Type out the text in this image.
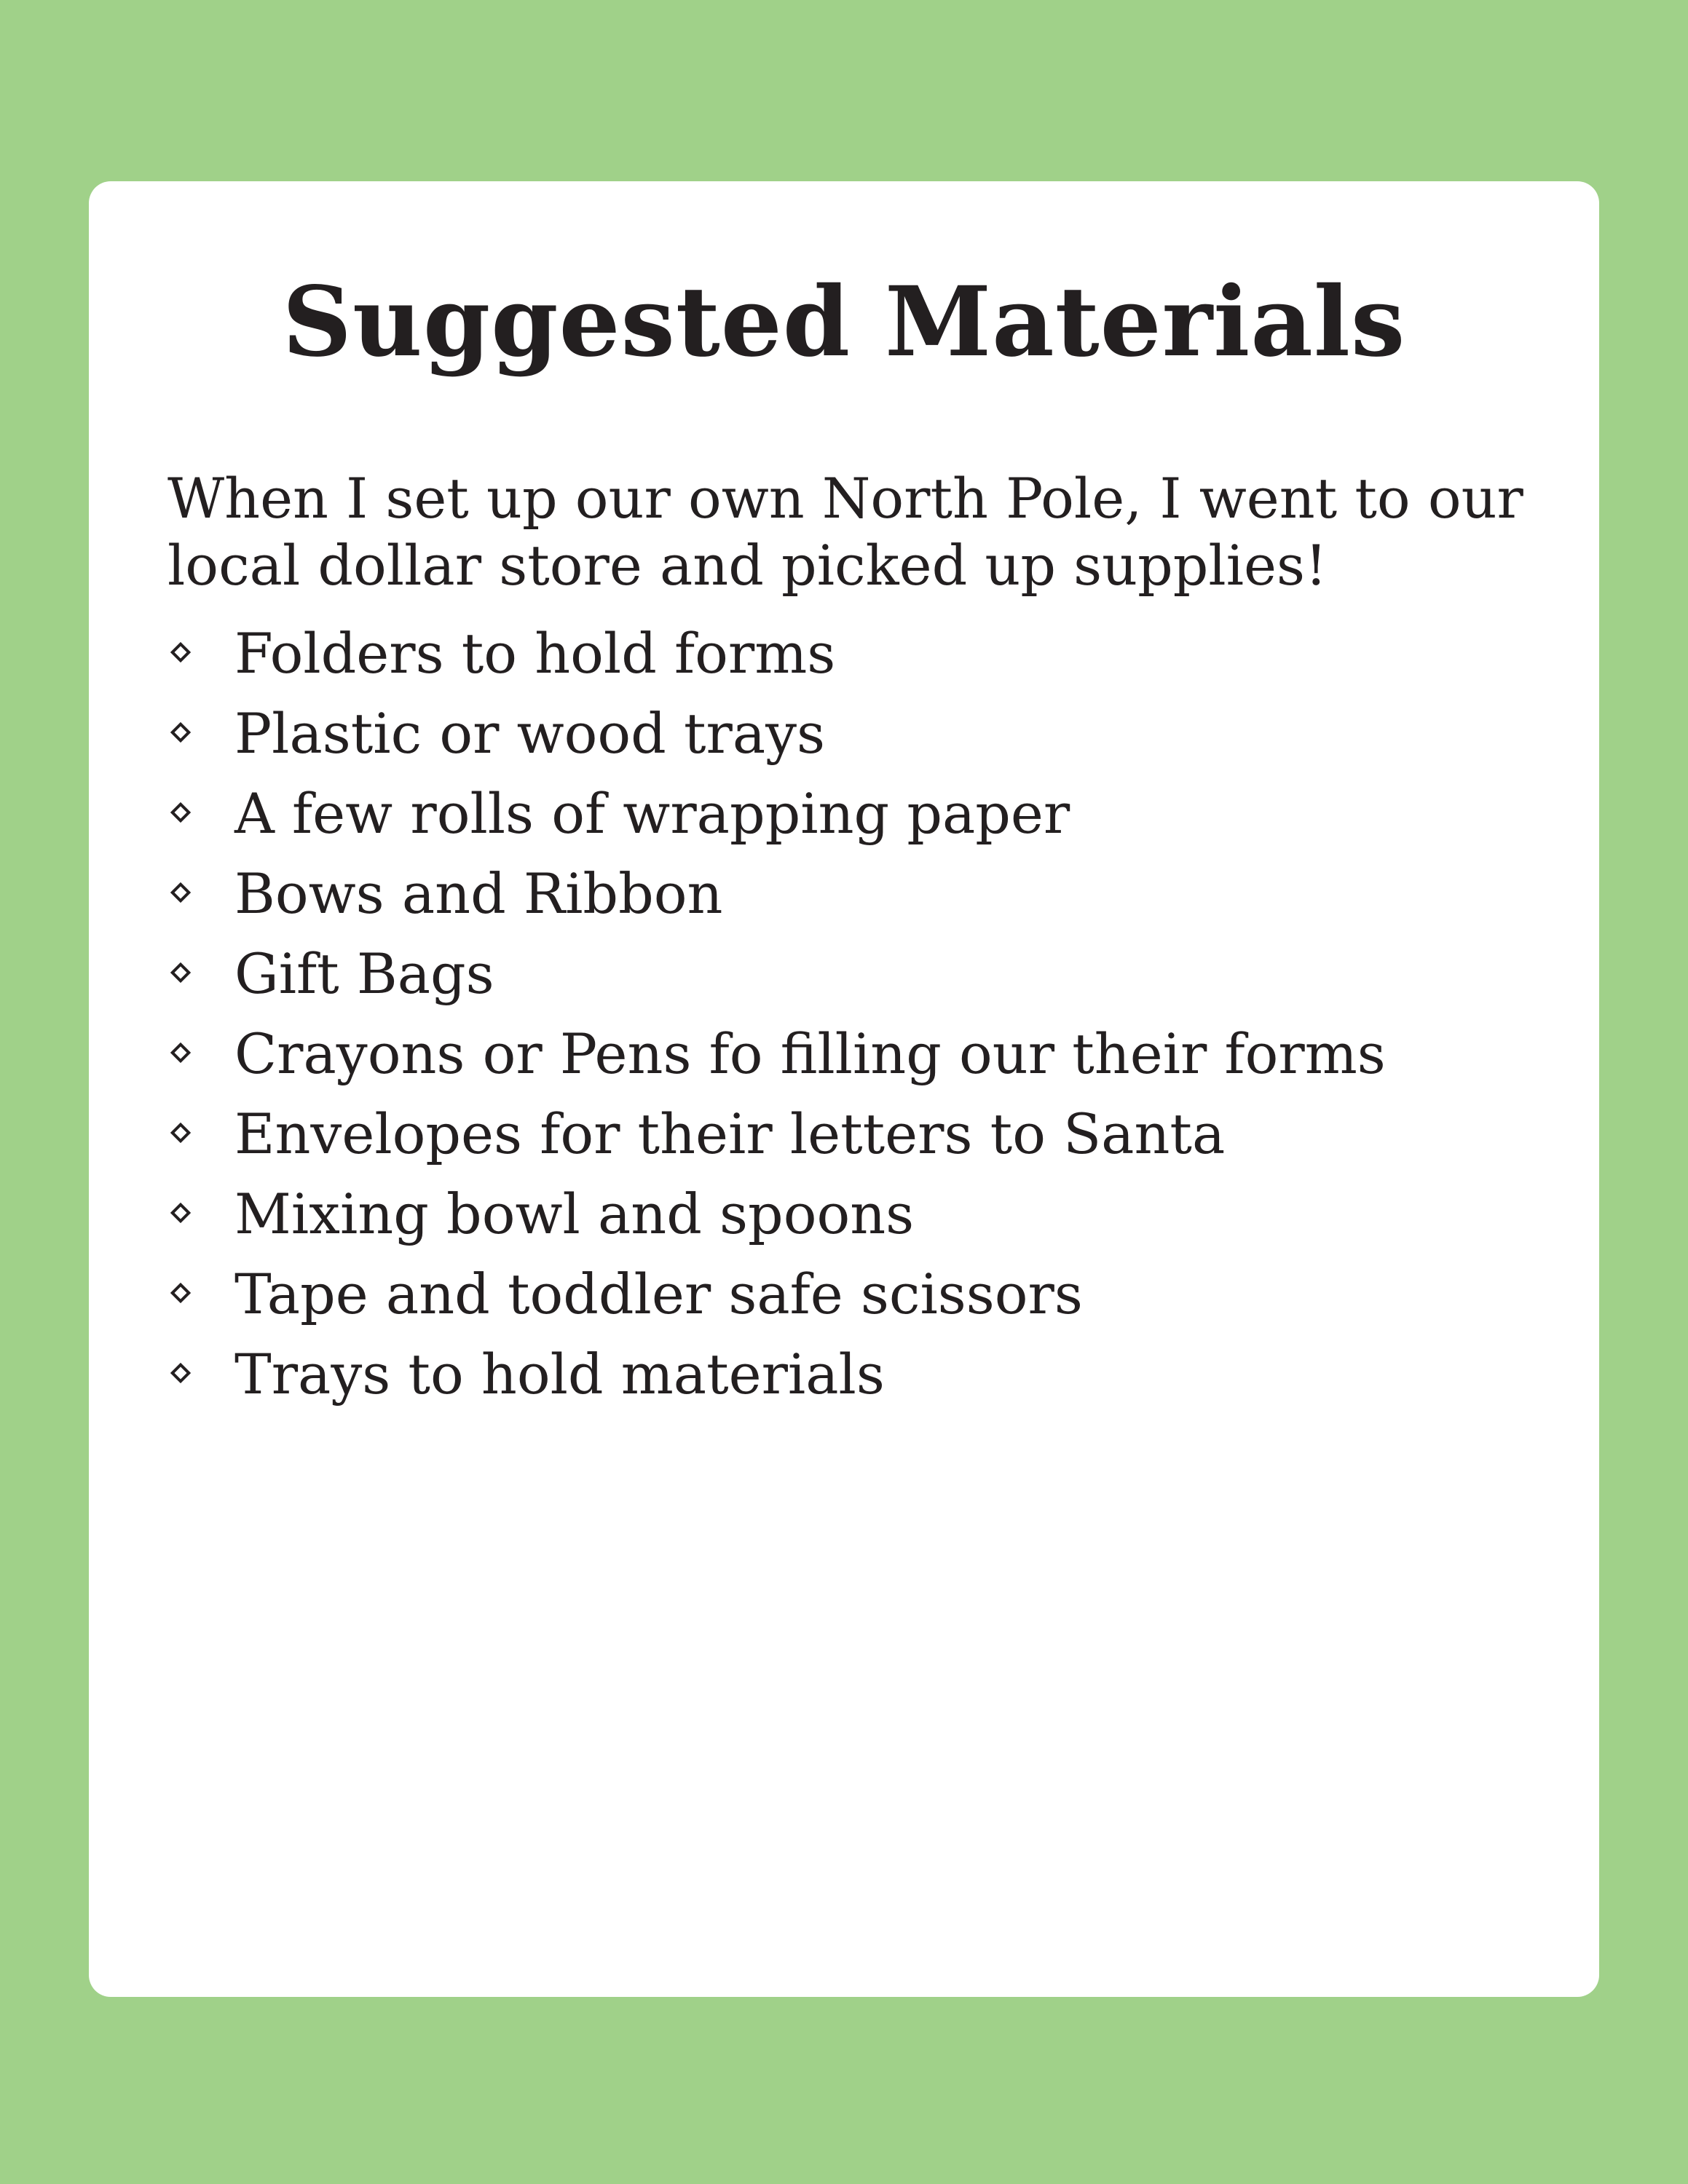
Suggested Materials

When I set up our own North Pole, I went to our local dollar store and picked up supplies!

Folders to hold forms
Plastic or wood trays
A few rolls of wrapping paper
Bows and Ribbon
Gift Bags
Crayons or Pens fo filling our their forms
Envelopes for their letters to Santa
Mixing bowl and spoons
Tape and toddler safe scissors
Trays to hold materials
